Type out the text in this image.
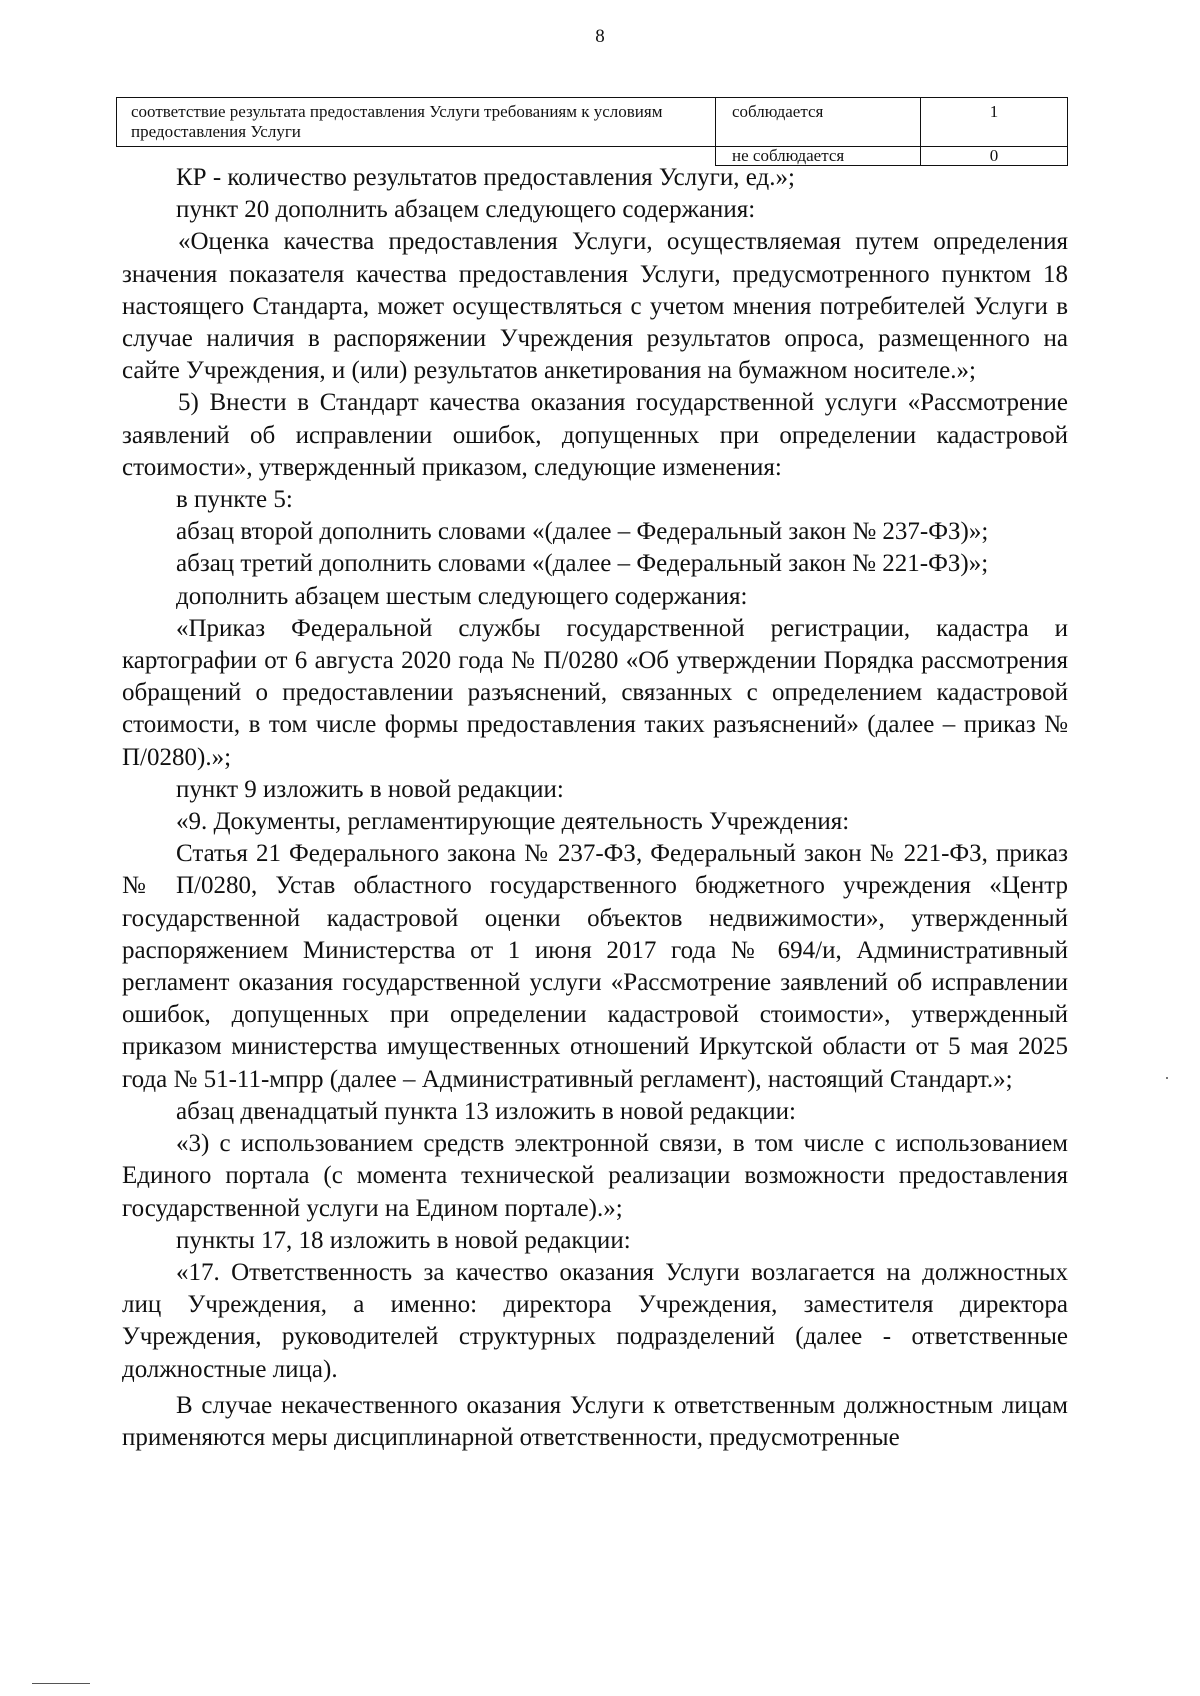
8
соответствие результата предоставления Услуги требованиям к условиям предоставления Услуги	соблюдается	1
	не соблюдается	0

КР - количество результатов предоставления Услуги, ед.»;

пункт 20 дополнить абзацем следующего содержания:

«Оценка качества предоставления Услуги, осуществляемая путем определения значения показателя качества предоставления Услуги, предусмотренного пунктом 18 настоящего Стандарта, может осуществляться с учетом мнения потребителей Услуги в случае наличия в распоряжении Учреждения результатов опроса, размещенного на сайте Учреждения, и (или) результатов анкетирования на бумажном носителе.»;

5) Внести в Стандарт качества оказания государственной услуги «Рассмотрение заявлений об исправлении ошибок, допущенных при определении кадастровой стоимости», утвержденный приказом, следующие изменения:

в пункте 5:

абзац второй дополнить словами «(далее – Федеральный закон № 237-ФЗ)»;

абзац третий дополнить словами «(далее – Федеральный закон № 221-ФЗ)»;

дополнить абзацем шестым следующего содержания:

«Приказ Федеральной службы государственной регистрации, кадастра и картографии от 6 августа 2020 года № П/0280 «Об утверждении Порядка рассмотрения обращений о предоставлении разъяснений, связанных с определением кадастровой стоимости, в том числе формы предоставления таких разъяснений» (далее – приказ № П/0280).»;

пункт 9 изложить в новой редакции:

«9. Документы, регламентирующие деятельность Учреждения:

Статья 21 Федерального закона № 237-ФЗ, Федеральный закон № 221-ФЗ, приказ № П/0280, Устав областного государственного бюджетного учреждения «Центр государственной кадастровой оценки объектов недвижимости», утвержденный распоряжением Министерства от 1 июня 2017 года № 694/и, Административный регламент оказания государственной услуги «Рассмотрение заявлений об исправлении ошибок, допущенных при определении кадастровой стоимости», утвержденный приказом министерства имущественных отношений Иркутской области от 5 мая 2025 года № 51-11-мпрр (далее – Административный регламент), настоящий Стандарт.»;

абзац двенадцатый пункта 13 изложить в новой редакции:

«3) с использованием средств электронной связи, в том числе с использованием Единого портала (с момента технической реализации возможности предоставления государственной услуги на Едином портале).»;

пункты 17, 18 изложить в новой редакции:

«17. Ответственность за качество оказания Услуги возлагается на должностных лиц Учреждения, а именно: директора Учреждения, заместителя директора Учреждения, руководителей структурных подразделений (далее - ответственные должностные лица).

В случае некачественного оказания Услуги к ответственным должностным лицам применяются меры дисциплинарной ответственности, предусмотренные
